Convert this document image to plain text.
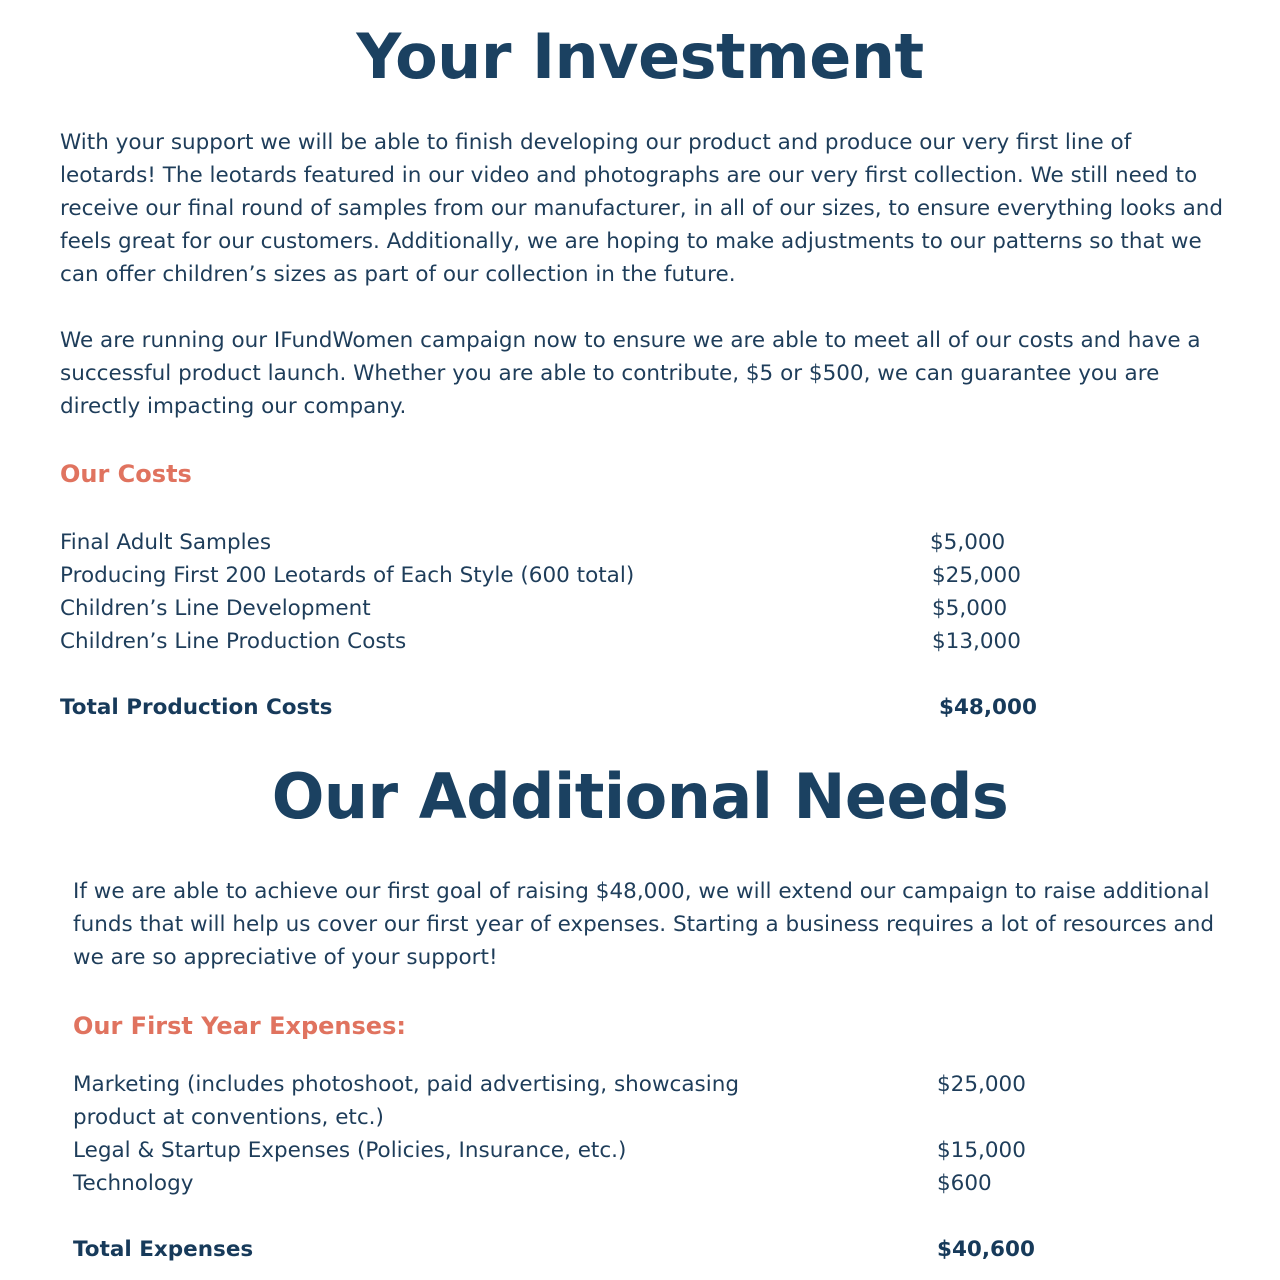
Your Investment

With your support we will be able to finish developing our product and produce our very first line of leotards! The leotards featured in our video and photographs are our very first collection. We still need to receive our final round of samples from our manufacturer, in all of our sizes, to ensure everything looks and feels great for our customers. Additionally, we are hoping to make adjustments to our patterns so that we can offer children’s sizes as part of our collection in the future.

We are running our IFundWomen campaign now to ensure we are able to meet all of our costs and have a successful product launch. Whether you are able to contribute, $5 or $500, we can guarantee you are directly impacting our company.

Our Costs
Final Adult Samples	$5,000
Producing First 200 Leotards of Each Style (600 total)	$25,000
Children’s Line Development	$5,000
Children’s Line Production Costs	$13,000
Total Production Costs	$48,000
Our Additional Needs

If we are able to achieve our first goal of raising $48,000, we will extend our campaign to raise additional funds that will help us cover our first year of expenses. Starting a business requires a lot of resources and we are so appreciative of your support!

Our First Year Expenses:
Marketing (includes photoshoot, paid advertising, showcasing product at conventions, etc.)
$25,000
Legal & Startup Expenses (Policies, Insurance, etc.)	$15,000
Technology	$600
Total Expenses	$40,600
